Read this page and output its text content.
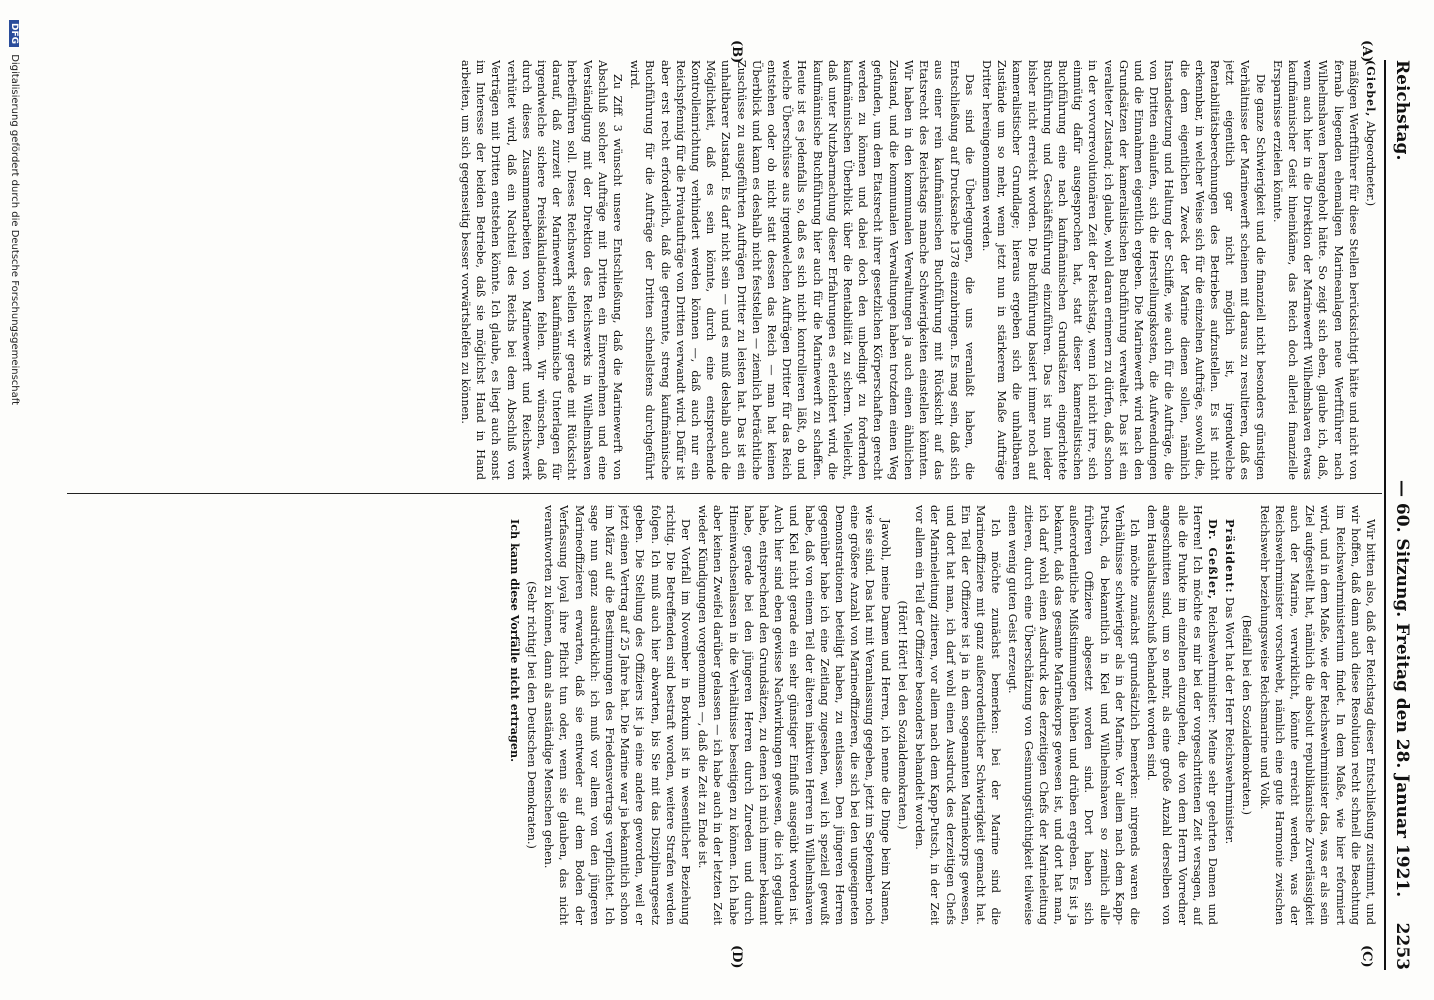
Reichstag.
— 60. Sitzung. Freitag den 28. Januar 1921.
2253
(A)
(B)
(C)
(D)

(Giebel, Abgeordneter.)

mäßigen Werftführer für diese Stellen berücksichtigt hätte und nicht von fernab liegenden ehemaligen Marineanlagen neue Werftführer nach Wilhelmshaven herangeholt hätte. So zeigt sich eben, glaube ich, daß, wenn auch hier in die Direktion der Marinewerft Wilhelmshaven etwas kaufmännischer Geist hineinkäme, das Reich doch allerlei finanzielle Ersparnisse erzielen könnte.

Die ganze Schwierigkeit und die finanziell nicht besonders günstigen Verhältnisse der Marinewerft scheinen mit daraus zu resultieren, daß es jetzt eigentlich gar nicht möglich ist, irgendwelche Rentabilitätsberechnungen des Betriebes aufzustellen. Es ist nicht erkennbar, in welcher Weise sich für die einzelnen Aufträge, sowohl die, die dem eigentlichen Zweck der Marine dienen sollen, nämlich Instandsetzung und Haltung der Schiffe, wie auch für die Aufträge, die von Dritten einlaufen, sich die Herstellungskosten, die Aufwendungen und die Einnahmen eigentlich ergeben. Die Marinewerft wird nach den Grundsätzen der kameralistischen Buchführung verwaltet. Das ist ein veralteter Zustand; ich glaube, wohl daran erinnern zu dürfen, daß schon in der vorvorrevolutionären Zeit der Reichstag, wenn ich nicht irre, sich einmütig dafür ausgesprochen hat, statt dieser kameralistischen Buchführung eine nach kaufmännischen Grundsätzen eingerichtete Buchführung und Geschäftsführung einzuführen. Das ist nun leider bisher nicht erreicht worden. Die Buchführung basiert immer noch auf kameralistischer Grundlage; hieraus ergeben sich die unhaltbaren Zustände um so mehr, wenn jetzt nun in stärkerem Maße Aufträge Dritter hereingenommen werden.

Das sind die Überlegungen, die uns veranlaßt haben, die Entschließung auf Drucksache 1378 einzubringen. Es mag sein, daß sich aus einer rein kaufmännischen Buchführung mit Rücksicht auf das Etatsrecht des Reichstags manche Schwierigkeiten einstellen könnten. Wir haben in den kommunalen Verwaltungen ja auch einen ähnlichen Zustand, und die kommunalen Verwaltungen haben trotzdem einen Weg gefunden, um dem Etatsrecht ihrer gesetzlichen Körperschaften gerecht werden zu können und dabei doch den unbedingt zu fordernden kaufmännischen Überblick über die Rentabilität zu sichern. Vielleicht, daß unter Nutzbarmachung dieser Erfahrungen es erleichtert wird, die kaufmännische Buchführung hier auch für die Marinewerft zu schaffen. Heute ist es jedenfalls so, daß es sich nicht kontrollieren läßt, ob und welche Überschüsse aus irgendwelchen Aufträgen Dritter für das Reich entstehen oder ob nicht statt dessen das Reich — man hat keinen Überblick und kann es deshalb nicht feststellen — ziemlich beträchtliche Zuschüsse zu ausgeführten Aufträgen Dritter zu leisten hat. Das ist ein unhaltbarer Zustand. Es darf nicht sein — und es muß deshalb auch die Möglichkeit, daß es sein könnte, durch eine entsprechende Kontrolleinrichtung verhindert werden können —, daß auch nur ein Reichspfennig für die Privataufträge von Dritten verwandt wird. Dafür ist aber erst recht erforderlich, daß die getrennte, streng kaufmännische Buchführung für die Aufträge der Dritten schnellstens durchgeführt wird.

Zu Ziff. 3 wünscht unsere Entschließung, daß die Marinewerft von Abschluß solcher Aufträge mit Dritten ein Einvernehmen und eine Verständigung mit der Direktion des Reichswerks in Wilhelmshaven herbeiführen soll. Dieses Reichswerk stellen wir gerade mit Rücksicht darauf, daß zurzeit der Marinewerft kaufmännische Unterlagen für irgendwelche sichere Preiskalkulationen fehlen. Wir wünschen, daß durch dieses Zusammenarbeiten von Marinewerft und Reichswerk verhütet wird, daß ein Nachteil des Reichs bei dem Abschluß von Verträgen mit Dritten entstehen könnte. Ich glaube, es liegt auch sonst im Interesse der beiden Betriebe, daß sie möglichst Hand in Hand arbeiten, um sich gegenseitig besser vorwärtshelfen zu können.

Wir bitten also, daß der Reichstag dieser Entschließung zustimmt, und wir hoffen, daß dann auch diese Resolution recht schnell die Beachtung im Reichswehrministerium findet. In dem Maße, wie hier reformiert wird, und in dem Maße, wie der Reichswehrminister das, was er als sein Ziel aufgestellt hat, nämlich die absolut republikanische Zuverlässigkeit auch der Marine, verwirklicht, könnte erreicht werden, was der Reichswehrminister vorschwebt, nämlich eine gute Harmonie zwischen Reichswehr beziehungsweise Reichsmarine und Volk.

(Beifall bei den Sozialdemokraten.)

Präsident: Das Wort hat der Herr Reichswehrminister.

Dr. Geßler, Reichswehrminister: Meine sehr geehrten Damen und Herren! Ich möchte es mir bei der vorgeschrittenen Zeit versagen, auf alle die Punkte im einzelnen einzugehen, die von dem Herrn Vorredner angeschnitten sind, um so mehr, als eine große Anzahl derselben von dem Haushaltsausschuß behandelt worden sind.

Ich möchte zunächst grundsätzlich bemerken: nirgends waren die Verhältnisse schwieriger als in der Marine. Vor allem nach dem Kapp-Putsch, da bekanntlich in Kiel und Wilhelmshaven so ziemlich alle früheren Offiziere abgesetzt worden sind. Dort haben sich außerordentliche Mißstimmungen hüben und drüben ergeben. Es ist ja bekannt, daß das gesamte Marinekorps gewesen ist, und dort hat man, ich darf wohl einen Ausdruck des derzeitigen Chefs der Marineleitung zitieren, durch eine Überschätzung von Gesinnungstüchtigkeit teilweise einen wenig guten Geist erzeugt.

Ich möchte zunächst bemerken: bei der Marine sind die Marineoffiziere mit ganz außerordentlicher Schwierigkeit gemacht hat. Ein Teil der Offiziere ist ja in dem sogenannten Marinekorps gewesen, und dort hat man, ich darf wohl einen Ausdruck des derzeitigen Chefs der Marineleitung zitieren, vor allem nach dem Kapp-Putsch, in der Zeit vor allem ein Teil der Offiziere besonders behandelt worden.

(Hört! Hört! bei den Sozialdemokraten.)

Jawohl, meine Damen und Herren, ich nenne die Dinge beim Namen, wie sie sind. Das hat mit Veranlassung gegeben, jetzt im September noch eine größere Anzahl von Marineoffizieren, die sich bei den ungeeigneten Demonstrationen beteiligt haben, zu entlassen. Den jüngeren Herren gegenüber habe ich eine Zeitlang zugesehen, weil ich speziell gewußt habe, daß von einem Teil der älteren inaktiven Herren in Wilhelmshaven und Kiel nicht gerade ein sehr günstiger Einfluß ausgeübt worden ist. Auch hier sind eben gewisse Nachwirkungen gewesen, die ich geglaubt habe, entsprechend den Grundsätzen, zu denen ich mich immer bekannt habe, gerade bei den jüngeren Herren durch Zureden und durch Hineinwachsenlassen in die Verhältnisse beseitigen zu können. Ich habe aber keinen Zweifel darüber gelassen — ich habe auch in der letzten Zeit wieder Kündigungen vorgenommen —, daß die Zeit zu Ende ist.

Der Vorfall im November in Borkum ist in wesentlicher Beziehung richtig. Die Betreffenden sind bestraft worden, weitere Strafen werden folgen. Ich muß auch hier abwarten, bis Sie mit das Disziplinargesetz geben. Die Stellung des Offiziers ist ja eine andere geworden, weil er jetzt einen Vertrag auf 25 Jahre hat. Die Marine war ja bekanntlich schon im März auf die Bestimmungen des Friedensvertrags verpflichtet. Ich sage nun ganz ausdrücklich: ich muß vor allem von den jüngeren Marineoffizieren erwarten, daß sie entweder auf dem Boden der Verfassung loyal ihre Pflicht tun oder, wenn sie glauben, das nicht verantworten zu können, dann als anständige Menschen gehen.

(Sehr richtig! bei den Deutschen Demokraten.)

Ich kann diese Vorfälle nicht ertragen.

DFG Digitalisierung gefördert durch die Deutsche Forschungsgemeinschaft
